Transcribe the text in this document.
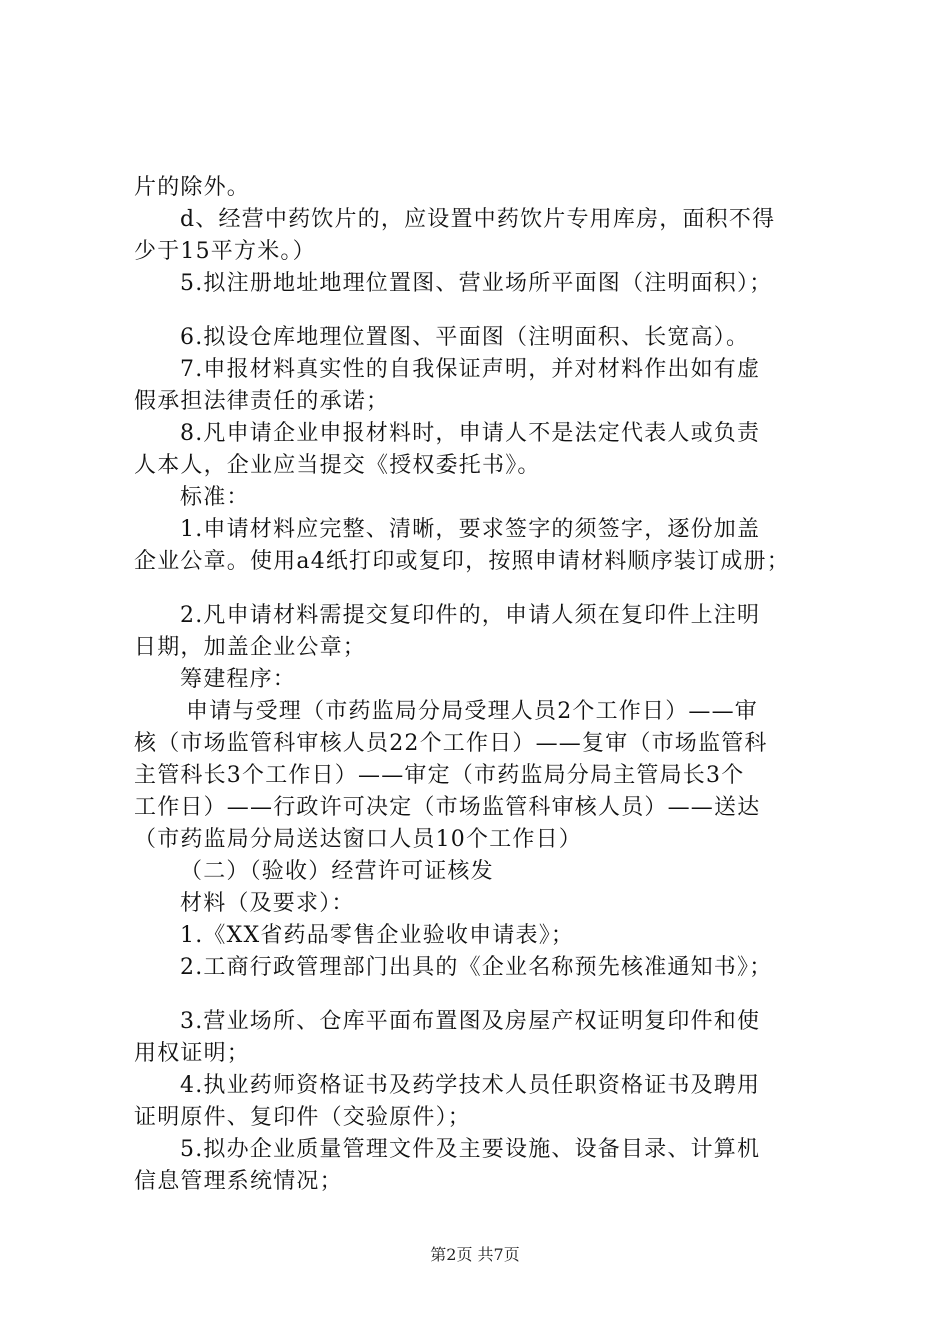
片的除外。
d、经营中药饮片的，应设置中药饮片专用库房，面积不得
少于15平方米。）
5.拟注册地址地理位置图、营业场所平面图（注明面积）；
6.拟设仓库地理位置图、平面图（注明面积、长宽高）。
7.申报材料真实性的自我保证声明，并对材料作出如有虚
假承担法律责任的承诺；
8.凡申请企业申报材料时，申请人不是法定代表人或负责
人本人，企业应当提交《授权委托书》。
标准：
1.申请材料应完整、清晰，要求签字的须签字，逐份加盖
企业公章。使用a4纸打印或复印，按照申请材料顺序装订成册；
2.凡申请材料需提交复印件的，申请人须在复印件上注明
日期，加盖企业公章；
筹建程序：
申请与受理（市药监局分局受理人员2个工作日）——审
核（市场监管科审核人员22个工作日）——复审（市场监管科
主管科长3个工作日）——审定（市药监局分局主管局长3个
工作日）——行政许可决定（市场监管科审核人员）——送达
（市药监局分局送达窗口人员10个工作日）
（二）（验收）经营许可证核发
材料（及要求）：
1.《XX省药品零售企业验收申请表》；
2.工商行政管理部门出具的《企业名称预先核准通知书》；
3.营业场所、仓库平面布置图及房屋产权证明复印件和使
用权证明；
4.执业药师资格证书及药学技术人员任职资格证书及聘用
证明原件、复印件（交验原件）；
5.拟办企业质量管理文件及主要设施、设备目录、计算机
信息管理系统情况；
第2页 共7页
